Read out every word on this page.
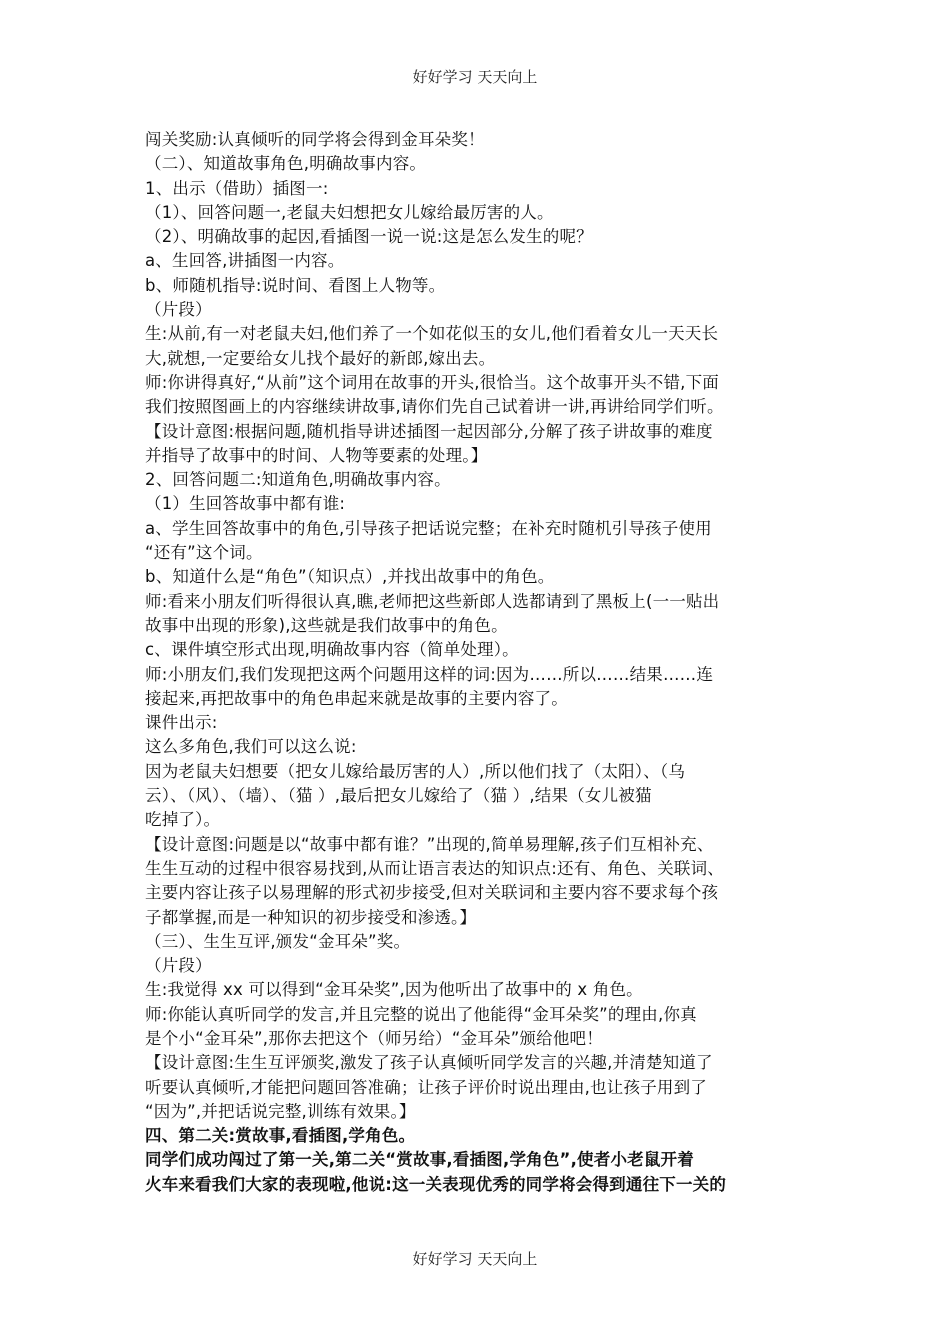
好好学习 天天向上
闯关奖励:认真倾听的同学将会得到金耳朵奖！
（二）、知道故事角色,明确故事内容。
1、出示（借助）插图一:
（1）、回答问题一,老鼠夫妇想把女儿嫁给最厉害的人。
（2）、明确故事的起因,看插图一说一说:这是怎么发生的呢？
a、生回答,讲插图一内容。
b、师随机指导:说时间、看图上人物等。
（片段）
生:从前,有一对老鼠夫妇,他们养了一个如花似玉的女儿,他们看着女儿一天天长
大,就想,一定要给女儿找个最好的新郎,嫁出去。
师:你讲得真好,“从前”这个词用在故事的开头,很恰当。这个故事开头不错,下面
我们按照图画上的内容继续讲故事,请你们先自己试着讲一讲,再讲给同学们听。
【设计意图:根据问题,随机指导讲述插图一起因部分,分解了孩子讲故事的难度
并指导了故事中的时间、人物等要素的处理。】
2、回答问题二:知道角色,明确故事内容。
（1）生回答故事中都有谁:
a、学生回答故事中的角色,引导孩子把话说完整；在补充时随机引导孩子使用
“还有”这个词。
b、知道什么是“角色”（知识点）,并找出故事中的角色。
师:看来小朋友们听得很认真,瞧,老师把这些新郎人选都请到了黑板上(一一贴出
故事中出现的形象),这些就是我们故事中的角色。
c、课件填空形式出现,明确故事内容（简单处理）。
师:小朋友们,我们发现把这两个问题用这样的词:因为……所以……结果……连
接起来,再把故事中的角色串起来就是故事的主要内容了。
课件出示:
这么多角色,我们可以这么说:
因为老鼠夫妇想要（把女儿嫁给最厉害的人）,所以他们找了（太阳）、（乌
云）、（风）、（墙）、（猫 ）,最后把女儿嫁给了（猫 ）,结果（女儿被猫
吃掉了）。
【设计意图:问题是以“故事中都有谁？”出现的,简单易理解,孩子们互相补充、
生生互动的过程中很容易找到,从而让语言表达的知识点:还有、角色、关联词、
主要内容让孩子以易理解的形式初步接受,但对关联词和主要内容不要求每个孩
子都掌握,而是一种知识的初步接受和渗透。】
（三）、生生互评,颁发“金耳朵”奖。
（片段）
生:我觉得 xx 可以得到“金耳朵奖”,因为他听出了故事中的 x 角色。
师:你能认真听同学的发言,并且完整的说出了他能得“金耳朵奖”的理由,你真
是个小“金耳朵”,那你去把这个（师另给）“金耳朵”颁给他吧！
【设计意图:生生互评颁奖,激发了孩子认真倾听同学发言的兴趣,并清楚知道了
听要认真倾听,才能把问题回答准确；让孩子评价时说出理由,也让孩子用到了
“因为”,并把话说完整,训练有效果。】
四、第二关:赏故事,看插图,学角色。
同学们成功闯过了第一关,第二关“赏故事,看插图,学角色”,使者小老鼠开着
火车来看我们大家的表现啦,他说:这一关表现优秀的同学将会得到通往下一关的
好好学习 天天向上
